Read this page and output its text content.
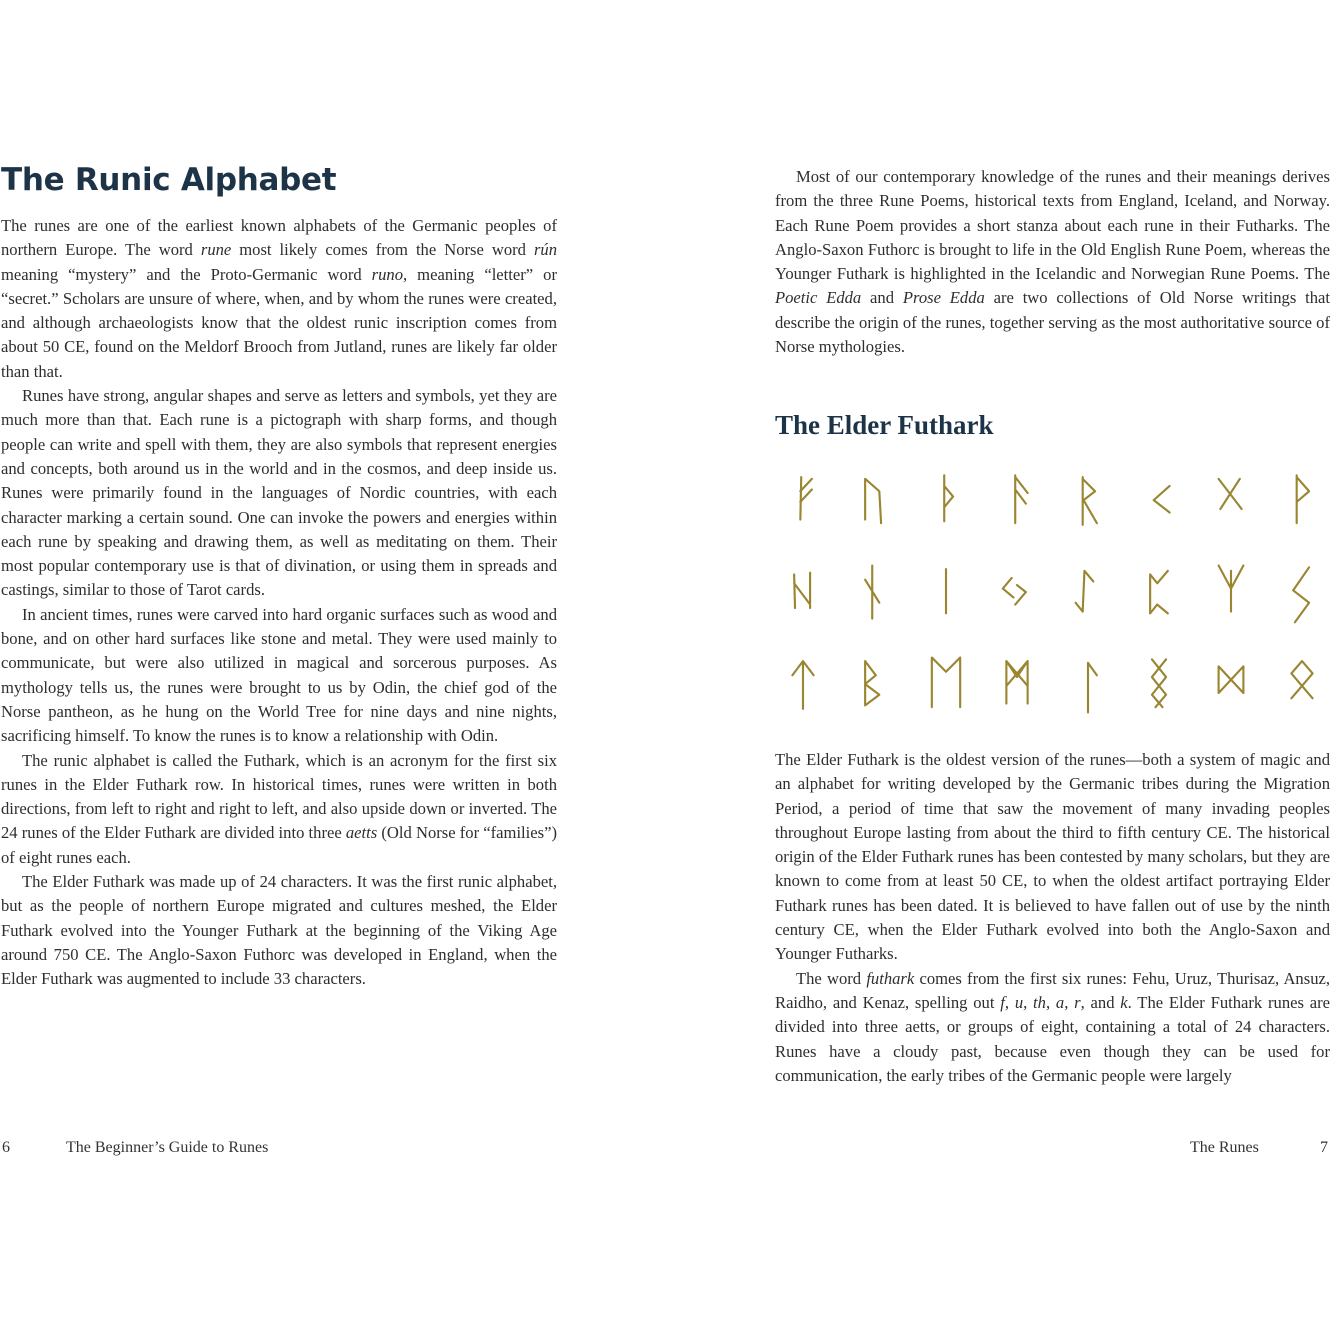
The Runic Alphabet

The runes are one of the earliest known alphabets of the Germanic peoples of northern Europe. The word rune most likely comes from the Norse word rún meaning “mystery” and the Proto-Germanic word runo, meaning “letter” or “secret.” Scholars are unsure of where, when, and by whom the runes were created, and although archaeologists know that the oldest runic inscription comes from about 50 CE, found on the Meldorf Brooch from Jutland, runes are likely far older than that.

Runes have strong, angular shapes and serve as letters and symbols, yet they are much more than that. Each rune is a pictograph with sharp forms, and though people can write and spell with them, they are also symbols that represent energies and concepts, both around us in the world and in the cosmos, and deep inside us. Runes were primarily found in the languages of Nordic countries, with each character marking a certain sound. One can invoke the powers and energies within each rune by speaking and drawing them, as well as meditating on them. Their most popular contemporary use is that of divination, or using them in spreads and castings, similar to those of Tarot cards.

In ancient times, runes were carved into hard organic surfaces such as wood and bone, and on other hard surfaces like stone and metal. They were used mainly to communicate, but were also utilized in magical and sorcerous purposes. As mythology tells us, the runes were brought to us by Odin, the chief god of the Norse pantheon, as he hung on the World Tree for nine days and nine nights, sacrificing himself. To know the runes is to know a relationship with Odin.

The runic alphabet is called the Futhark, which is an acronym for the first six runes in the Elder Futhark row. In historical times, runes were written in both directions, from left to right and right to left, and also upside down or inverted. The 24 runes of the Elder Futhark are divided into three aetts (Old Norse for “families”) of eight runes each.

The Elder Futhark was made up of 24 characters. It was the first runic alphabet, but as the people of northern Europe migrated and cultures meshed, the Elder Futhark evolved into the Younger Futhark at the beginning of the Viking Age around 750 CE. The Anglo-Saxon Futhorc was developed in England, when the Elder Futhark was augmented to include 33 characters.

6	The Beginner’s Guide to Runes

Most of our contemporary knowledge of the runes and their meanings derives from the three Rune Poems, historical texts from England, Iceland, and Norway. Each Rune Poem provides a short stanza about each rune in their Futharks. The Anglo-Saxon Futhorc is brought to life in the Old English Rune Poem, whereas the Younger Futhark is highlighted in the Icelandic and Norwegian Rune Poems. The Poetic Edda and Prose Edda are two collections of Old Norse writings that describe the origin of the runes, together serving as the most authoritative source of Norse mythologies.

The Elder Futhark

The Elder Futhark is the oldest version of the runes—both a system of magic and an alphabet for writing developed by the Germanic tribes during the Migration Period, a period of time that saw the movement of many invading peoples throughout Europe lasting from about the third to fifth century CE. The historical origin of the Elder Futhark runes has been contested by many scholars, but they are known to come from at least 50 CE, to when the oldest artifact portraying Elder Futhark runes has been dated. It is believed to have fallen out of use by the ninth century CE, when the Elder Futhark evolved into both the Anglo-Saxon and Younger Futharks.

The word futhark comes from the first six runes: Fehu, Uruz, Thurisaz, Ansuz, Raidho, and Kenaz, spelling out f, u, th, a, r, and k. The Elder Futhark runes are divided into three aetts, or groups of eight, containing a total of 24 characters. Runes have a cloudy past, because even though they can be used for communication, the early tribes of the Germanic people were largely

The Runes	7
